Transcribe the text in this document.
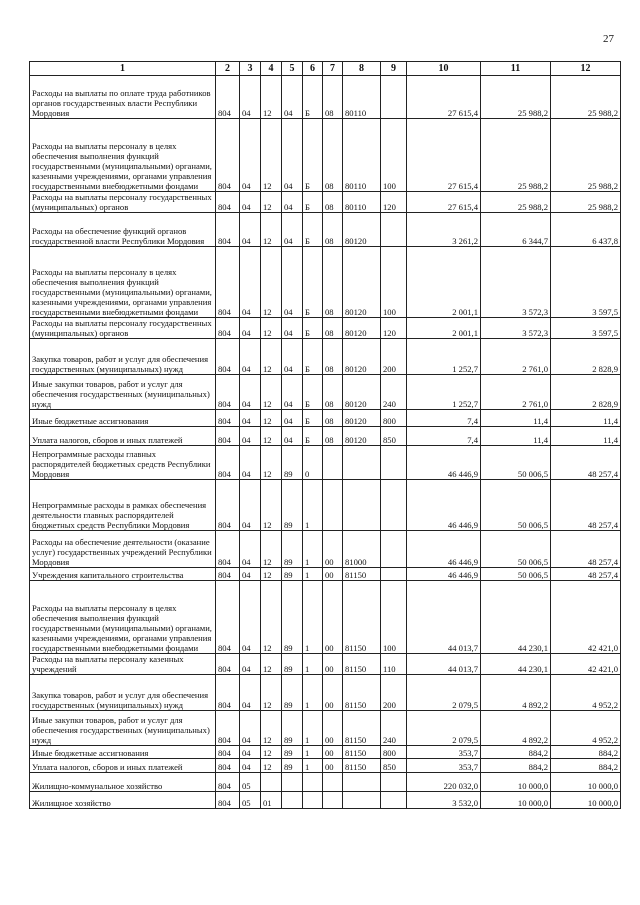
27
1	2	3	4	5	6	7	8	9	10	11	12
Расходы на выплаты по оплате труда работников органов государственных власти Республики Мордовия	804	04	12	04	Б	08	80110		27 615,4	25 988,2	25 988,2
Расходы на выплаты персоналу в целях обеспечения выполнения функций государственными (муниципальными) органами, казенными учреждениями, органами управления государственными внебюджетными фондами	804	04	12	04	Б	08	80110	100	27 615,4	25 988,2	25 988,2
Расходы на выплаты персоналу государственных (муниципальных) органов	804	04	12	04	Б	08	80110	120	27 615,4	25 988,2	25 988,2
Расходы на обеспечение функций органов государственной власти Республики Мордовия	804	04	12	04	Б	08	80120		3 261,2	6 344,7	6 437,8
Расходы на выплаты персоналу в целях обеспечения выполнения функций государственными (муниципальными) органами, казенными учреждениями, органами управления государственными внебюджетными фондами	804	04	12	04	Б	08	80120	100	2 001,1	3 572,3	3 597,5
Расходы на выплаты персоналу государственных (муниципальных) органов	804	04	12	04	Б	08	80120	120	2 001,1	3 572,3	3 597,5
Закупка товаров, работ и услуг для обеспечения государственных (муниципальных) нужд	804	04	12	04	Б	08	80120	200	1 252,7	2 761,0	2 828,9
Иные закупки товаров, работ и услуг для обеспечения государственных (муниципальных) нужд	804	04	12	04	Б	08	80120	240	1 252,7	2 761,0	2 828,9
Иные бюджетные ассигнования	804	04	12	04	Б	08	80120	800	7,4	11,4	11,4
Уплата налогов, сборов и иных платежей	804	04	12	04	Б	08	80120	850	7,4	11,4	11,4
Непрограммные расходы главных распорядителей бюджетных средств Республики Мордовия	804	04	12	89	0				46 446,9	50 006,5	48 257,4
Непрограммные расходы в рамках обеспечения деятельности главных распорядителей бюджетных средств Республики Мордовия	804	04	12	89	1				46 446,9	50 006,5	48 257,4
Расходы на обеспечение деятельности (оказание услуг) государственных учреждений Республики Мордовия	804	04	12	89	1	00	81000		46 446,9	50 006,5	48 257,4
Учреждения капитального строительства	804	04	12	89	1	00	81150		46 446,9	50 006,5	48 257,4
Расходы на выплаты персоналу в целях обеспечения выполнения функций государственными (муниципальными) органами, казенными учреждениями, органами управления государственными внебюджетными фондами	804	04	12	89	1	00	81150	100	44 013,7	44 230,1	42 421,0
Расходы на выплаты персоналу казенных учреждений	804	04	12	89	1	00	81150	110	44 013,7	44 230,1	42 421,0
Закупка товаров, работ и услуг для обеспечения государственных (муниципальных) нужд	804	04	12	89	1	00	81150	200	2 079,5	4 892,2	4 952,2
Иные закупки товаров, работ и услуг для обеспечения государственных (муниципальных) нужд	804	04	12	89	1	00	81150	240	2 079,5	4 892,2	4 952,2
Иные бюджетные ассигнования	804	04	12	89	1	00	81150	800	353,7	884,2	884,2
Уплата налогов, сборов и иных платежей	804	04	12	89	1	00	81150	850	353,7	884,2	884,2
Жилищно-коммунальное хозяйство	804	05							220 032,0	10 000,0	10 000,0
Жилищное хозяйство	804	05	01						3 532,0	10 000,0	10 000,0
